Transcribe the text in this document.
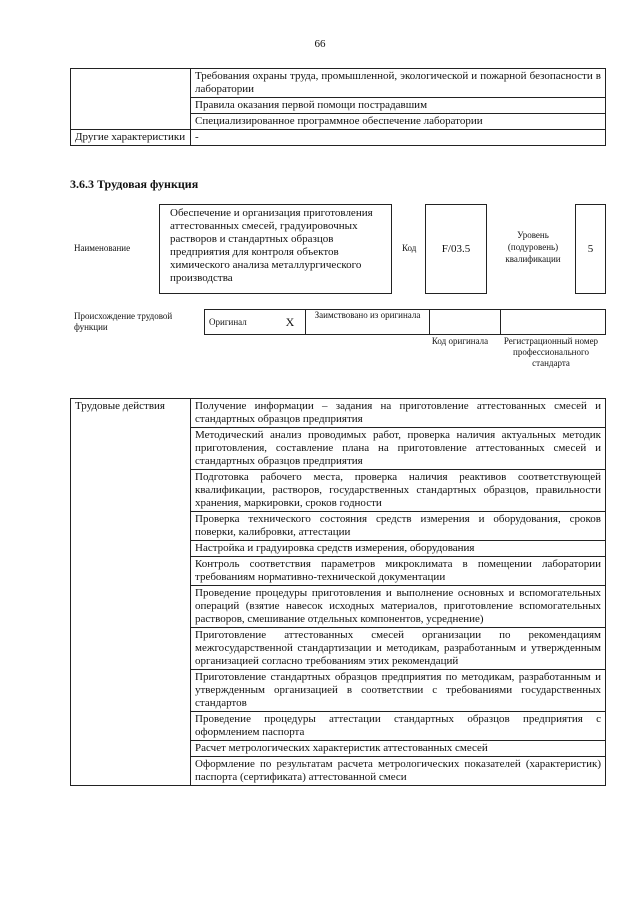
66
	Требования охраны труда, промышленной, экологической и пожарной безопасности в лаборатории
	Правила оказания первой помощи пострадавшим
	Специализированное программное обеспечение лаборатории
Другие характеристики	-
3.6.3 Трудовая функция
Наименование
Обеспечение и организация приготовления аттестованных смесей, градуировочных растворов и стандартных образцов предприятия для контроля объектов химического анализа металлургического производства
Код	F/03.5
Уровень (подуровень) квалификации
5
Происхождение трудовой функции	Оригинал	X	Заимствовано из оригинала		
Код оригинала	Регистрационный номер профессионального стандарта
Трудовые действия	Получение информации – задания на приготовление аттестованных смесей и стандартных образцов предприятия
Методический анализ проводимых работ, проверка наличия актуальных методик приготовления, составление плана на приготовление аттестованных смесей и стандартных образцов предприятия
Подготовка рабочего места, проверка наличия реактивов соответствующей квалификации, растворов, государственных стандартных образцов, правильности хранения, маркировки, сроков годности
Проверка технического состояния средств измерения и оборудования, сроков поверки, калибровки, аттестации
Настройка и градуировка средств измерения, оборудования
Контроль соответствия параметров микроклимата в помещении лаборатории требованиям нормативно-технической документации
Проведение процедуры приготовления и выполнение основных и вспомогательных операций (взятие навесок исходных материалов, приготовление вспомогательных растворов, смешивание отдельных компонентов, усреднение)
Приготовление аттестованных смесей организации по рекомендациям межгосударственной стандартизации и методикам, разработанным и утвержденным организацией согласно требованиям этих рекомендаций
Приготовление стандартных образцов предприятия по методикам, разработанным и утвержденным организацией в соответствии с требованиями государственных стандартов
Проведение процедуры аттестации стандартных образцов предприятия с оформлением паспорта
Расчет метрологических характеристик аттестованных смесей
Оформление по результатам расчета метрологических показателей (характеристик) паспорта (сертификата) аттестованной смеси
